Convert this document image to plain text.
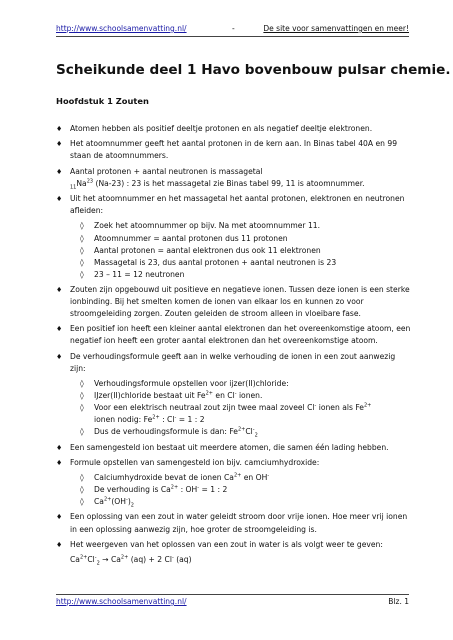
http://www.schoolsamenvatting.nl/	-	De site voor samenvattingen en meer!
Scheikunde deel 1 Havo bovenbouw pulsar chemie.
Hoofdstuk 1 Zouten
♦ Atomen hebben als positief deeltje protonen en als negatief deeltje elektronen.
♦ Het atoomnummer geeft het aantal protonen in de kern aan. In Binas tabel 40A en 99 staan de atoomnummers.
♦ Aantal protonen + aantal neutronen is massagetal
$_{11}Na^{23}$ (Na-23) : 23 is het massagetal zie Binas tabel 99, 11 is atoomnummer.
♦ Uit het atoomnummer en het massagetal het aantal protonen, elektronen en neutronen afleiden:
◊ Zoek het atoomnummer op bijv. Na met atoomnummer 11.
◊ Atoomnummer = aantal protonen dus 11 protonen
◊ Aantal protonen = aantal elektronen dus ook 11 elektronen
◊ Massagetal is 23, dus aantal protonen + aantal neutronen is 23
◊ 23 – 11 = 12 neutronen
♦ Zouten zijn opgebouwd uit positieve en negatieve ionen. Tussen deze ionen is een sterke ionbinding. Bij het smelten komen de ionen van elkaar los en kunnen zo voor stroomgeleiding zorgen. Zouten geleiden de stroom alleen in vloeibare fase.
♦ Een positief ion heeft een kleiner aantal elektronen dan het overeenkomstige atoom, een negatief ion heeft een groter aantal elektronen dan het overeenkomstige atoom.
♦ De verhoudingsformule geeft aan in welke verhouding de ionen in een zout aanwezig zijn:
◊ Verhoudingsformule opstellen voor ijzer(II)chloride:
◊ IJzer(II)chloride bestaat uit $Fe^{2+}$ en Cl- ionen.
◊ Voor een elektrisch neutraal zout zijn twee maal zoveel Cl- ionen als $Fe^{2+}$
ionen nodig: $Fe^{2+}$ : Cl- = 1 : 2
◊ Dus de verhoudingsformule is dan: $Fe^{2+}Cl^-_2$
♦ Een samengesteld ion bestaat uit meerdere atomen, die samen één lading hebben.
♦ Formule opstellen van samengesteld ion bijv. camciumhydroxide:
◊ Calciumhydroxide bevat de ionen $Ca^{2+}$ en OH-
◊ De verhouding is $Ca^{2+}$ : OH- = 1 : 2
◊ $Ca^{2+}(OH^-)_2$
♦ Een oplossing van een zout in water geleidt stroom door vrije ionen. Hoe meer vrij ionen in een oplossing aanwezig zijn, hoe groter de stroomgeleiding is.
♦ Het weergeven van het oplossen van een zout in water is als volgt weer te geven:
$Ca^{2+}Cl^-_2 \to Ca^{2+}$ (aq) + 2 Cl- (aq)
http://www.schoolsamenvatting.nl/	Blz. 1
